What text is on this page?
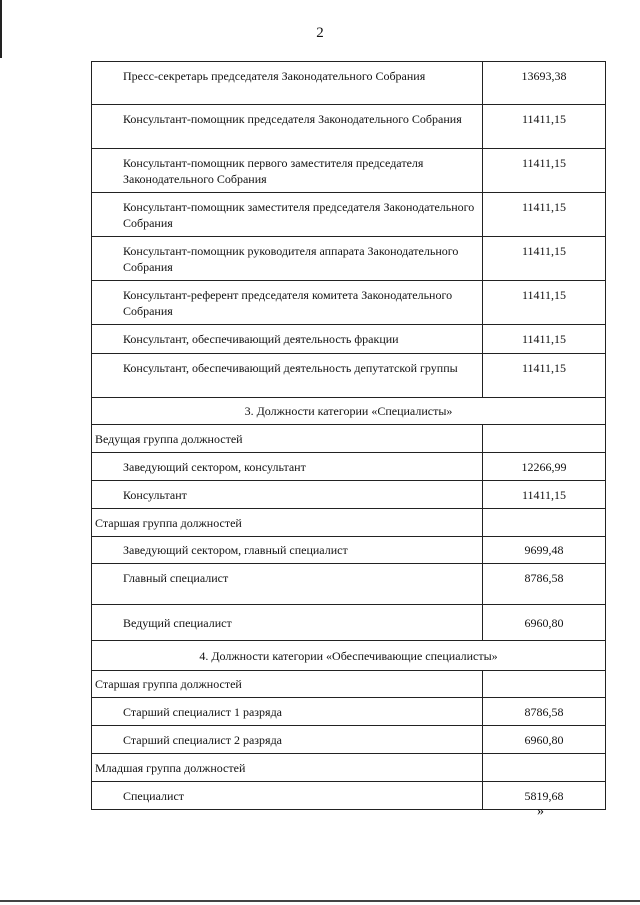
2
Пресс-секретарь председателя Законодательного Собрания	13693,38
Консультант-помощник председателя Законодательного Собрания	11411,15
Консультант-помощник первого заместителя председателя Законодательного Собрания	11411,15
Консультант-помощник заместителя председателя Законодательного Собрания	11411,15
Консультант-помощник руководителя аппарата Законодательного Собрания	11411,15
Консультант-референт председателя комитета Законодательного Собрания	11411,15
Консультант, обеспечивающий деятельность фракции	11411,15
Консультант, обеспечивающий деятельность депутатской группы	11411,15
3. Должности категории «Специалисты»	
Ведущая группа должностей	
Заведующий сектором, консультант	12266,99
Консультант	11411,15
Старшая группа должностей	
Заведующий сектором, главный специалист	9699,48
Главный специалист	8786,58
Ведущий специалист	6960,80
4. Должности категории «Обеспечивающие специалисты»	
Старшая группа должностей	
Старший специалист 1 разряда	8786,58
Старший специалист 2 разряда	6960,80
Младшая группа должностей	
Специалист	5819,68
»
